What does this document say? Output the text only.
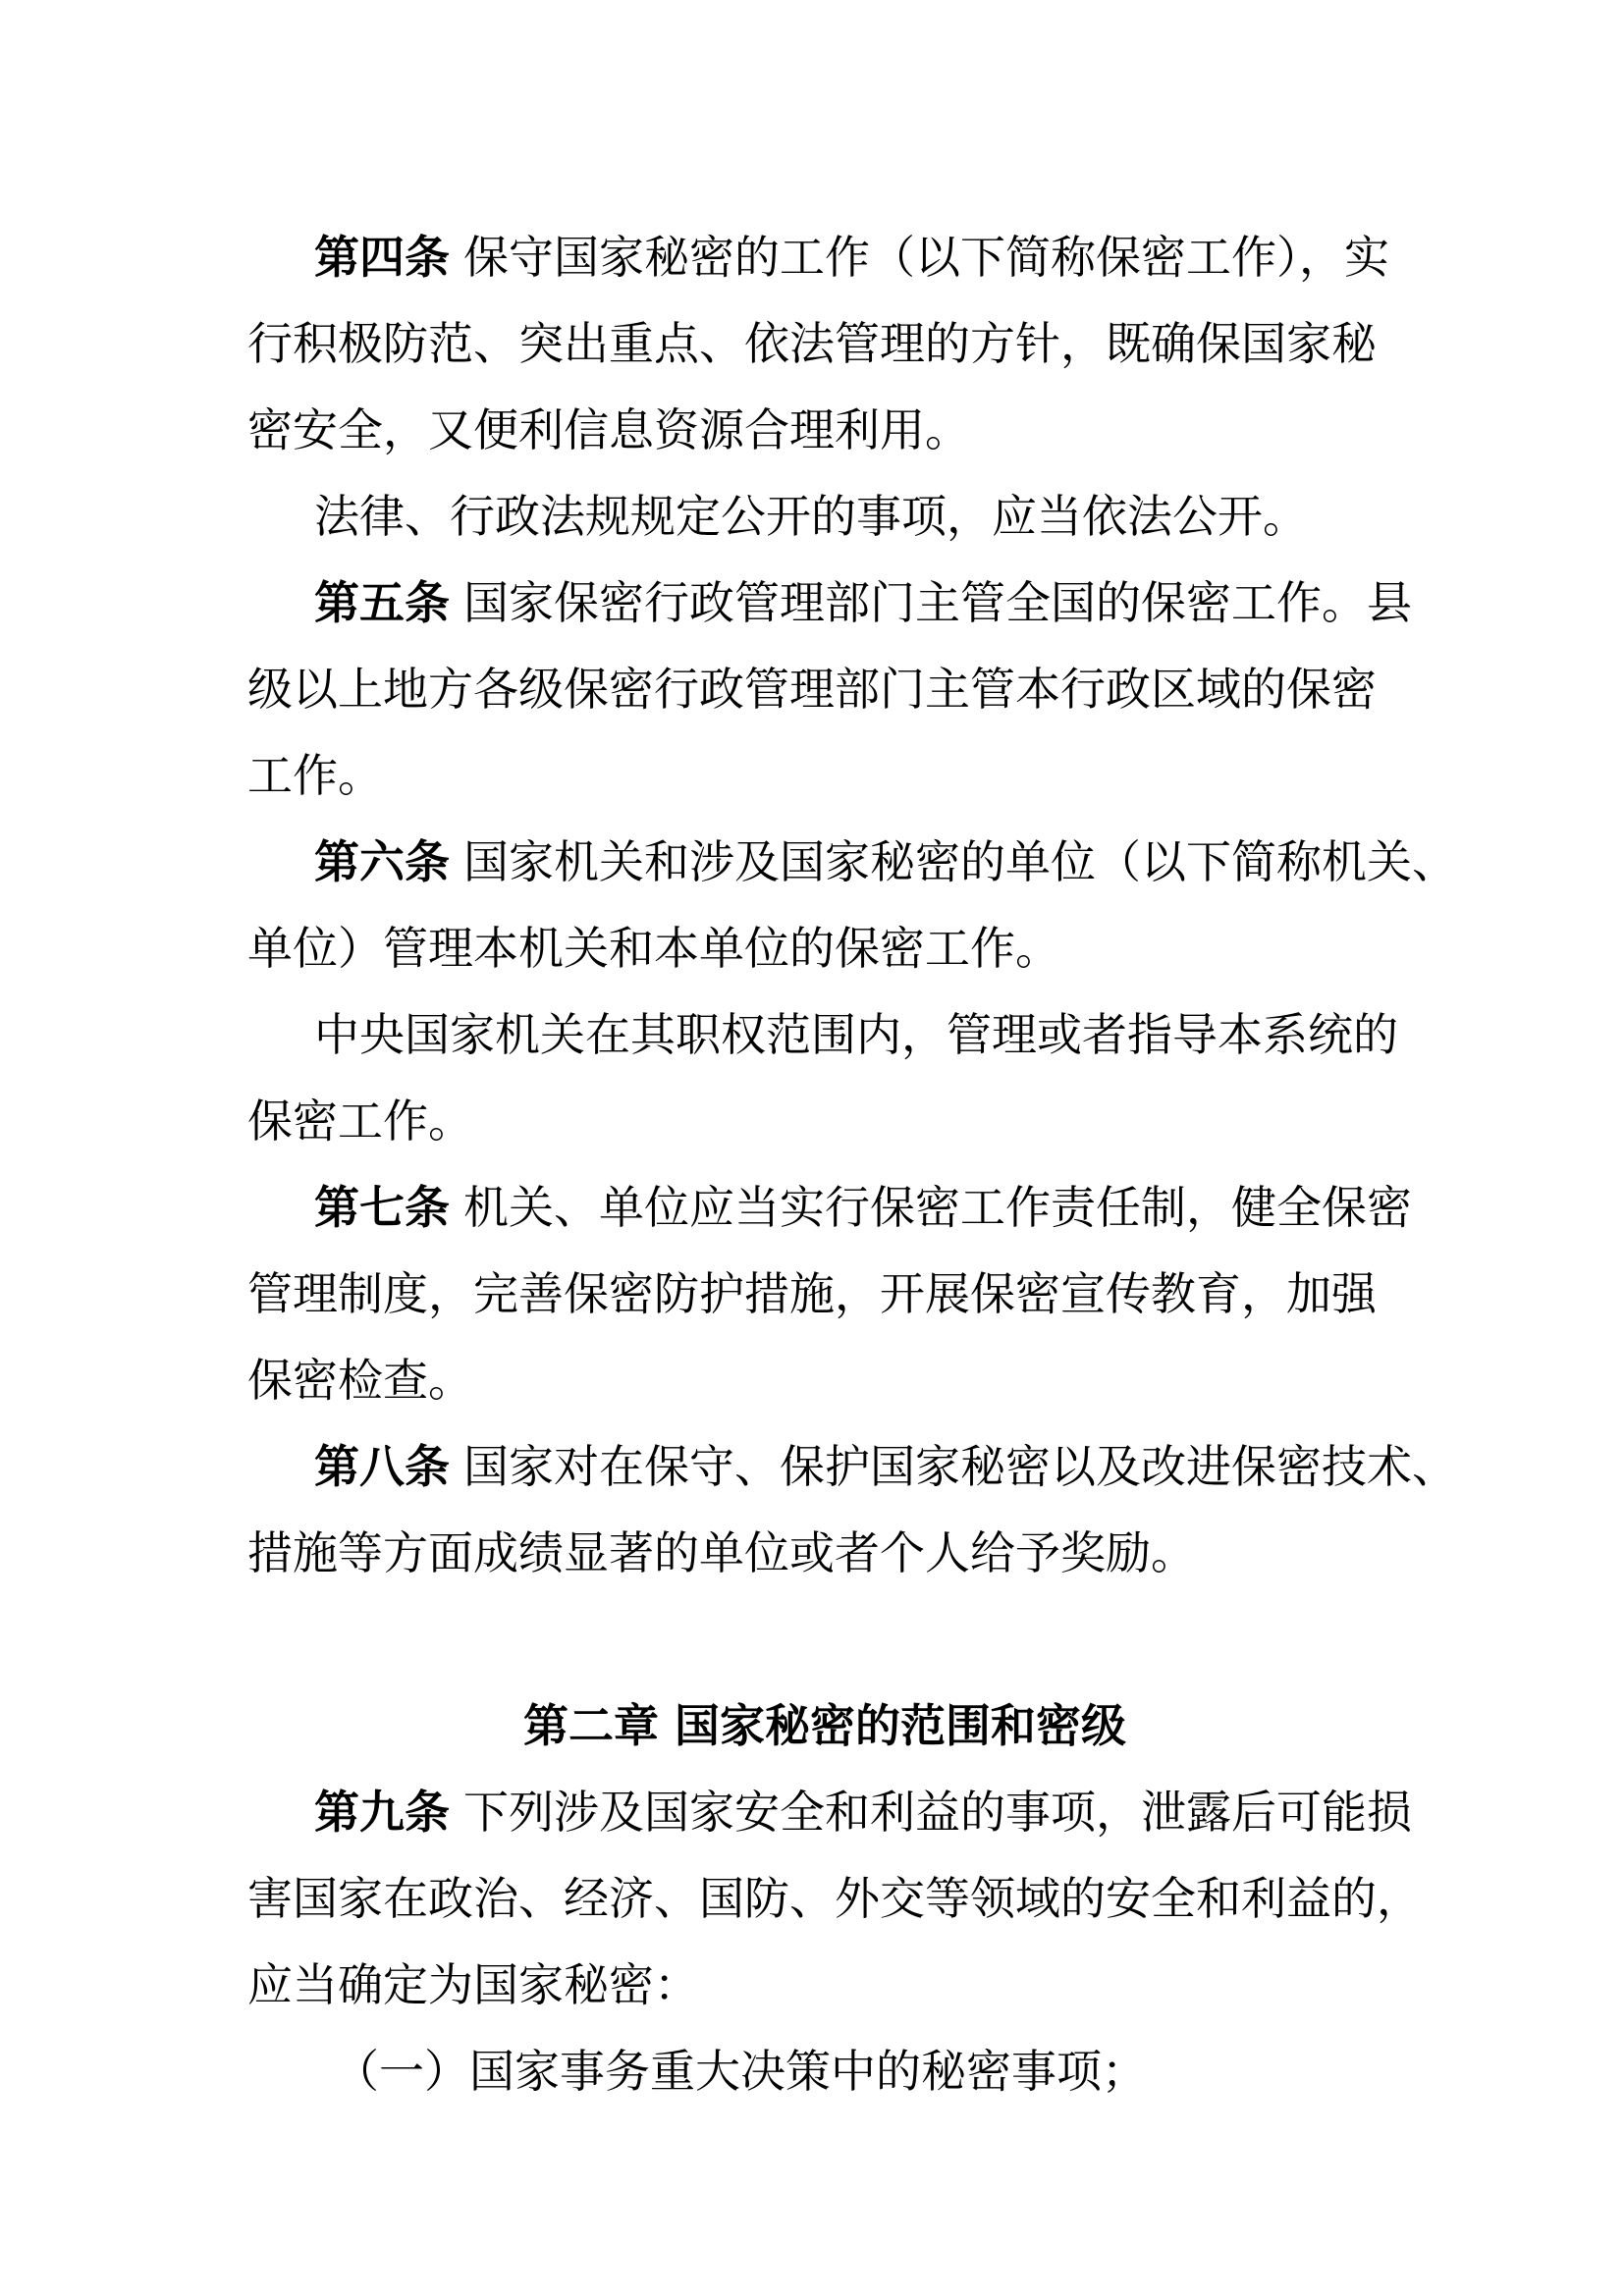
第四条 保守国家秘密的工作（以下简称保密工作），实
行积极防范、突出重点、依法管理的方针，既确保国家秘
密安全，又便利信息资源合理利用。
法律、行政法规规定公开的事项，应当依法公开。
第五条 国家保密行政管理部门主管全国的保密工作。县
级以上地方各级保密行政管理部门主管本行政区域的保密
工作。
第六条 国家机关和涉及国家秘密的单位（以下简称机关、
单位）管理本机关和本单位的保密工作。
中央国家机关在其职权范围内，管理或者指导本系统的
保密工作。
第七条 机关、单位应当实行保密工作责任制，健全保密
管理制度，完善保密防护措施，开展保密宣传教育，加强
保密检查。
第八条 国家对在保守、保护国家秘密以及改进保密技术、
措施等方面成绩显著的单位或者个人给予奖励。
第二章 国家秘密的范围和密级
第九条 下列涉及国家安全和利益的事项，泄露后可能损
害国家在政治、经济、国防、外交等领域的安全和利益的，
应当确定为国家秘密：
（一）国家事务重大决策中的秘密事项；
